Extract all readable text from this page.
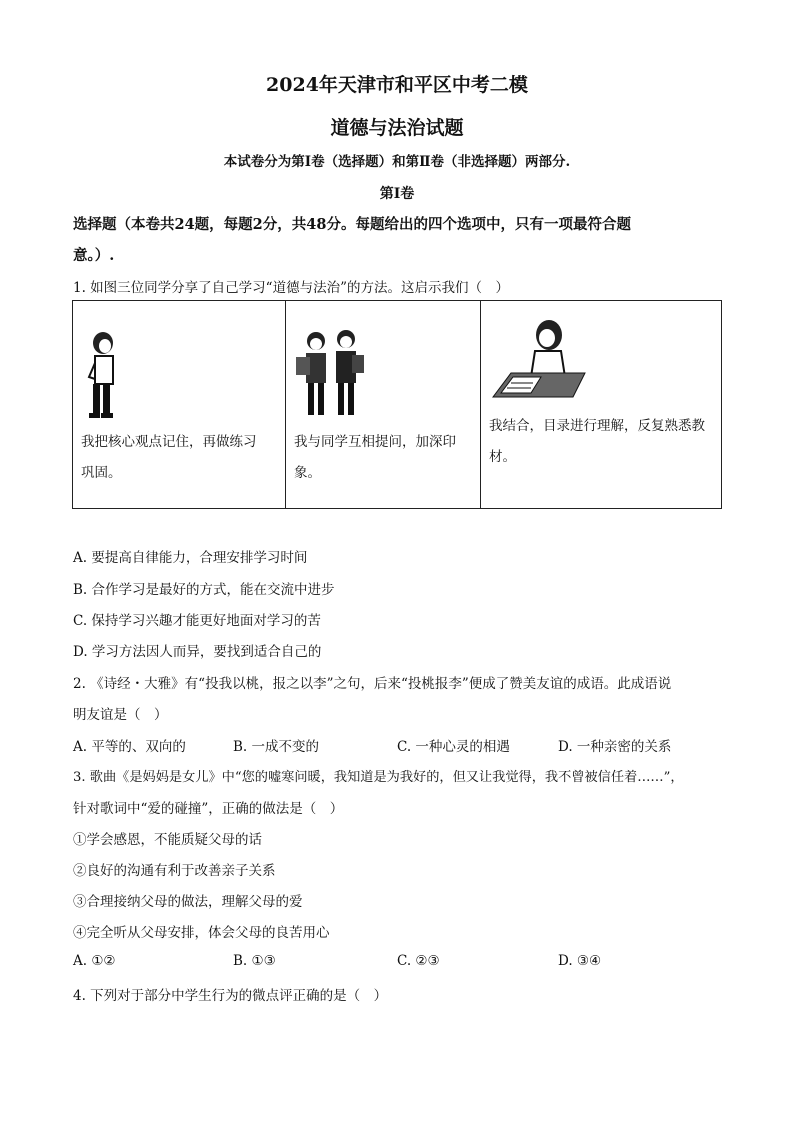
2024年天津市和平区中考二模
道德与法治试题
本试卷分为第Ⅰ卷（选择题）和第Ⅱ卷（非选择题）两部分.
第Ⅰ卷
选择题（本卷共24题，每题2分，共48分。每题给出的四个选项中，只有一项最符合题
意。）.
1. 如图三位同学分享了自己学习“道德与法治”的方法。这启示我们（　）
我把核心观点记住，再做练习
巩固。

我与同学互相提问，加深印
象。

我结合，目录进行理解，反复熟悉教
材。
A. 要提高自律能力，合理安排学习时间
B. 合作学习是最好的方式，能在交流中进步
C. 保持学习兴趣才能更好地面对学习的苦
D. 学习方法因人而异，要找到适合自己的
2. 《诗经・大雅》有“投我以桃，报之以李”之句，后来“投桃报李”便成了赞美友谊的成语。此成语说
明友谊是（　）
A. 平等的、双向的	B. 一成不变的	C. 一种心灵的相遇	D. 一种亲密的关系
3. 歌曲《是妈妈是女儿》中“您的嘘寒问暖，我知道是为我好的，但又让我觉得，我不曾被信任着……”，
针对歌词中“爱的碰撞”，正确的做法是（　）
①学会感恩，不能质疑父母的话
②良好的沟通有利于改善亲子关系
③合理接纳父母的做法，理解父母的爱
④完全听从父母安排，体会父母的良苦用心
A. ①②	B. ①③	C. ②③	D. ③④
4. 下列对于部分中学生行为的微点评正确的是（　）
